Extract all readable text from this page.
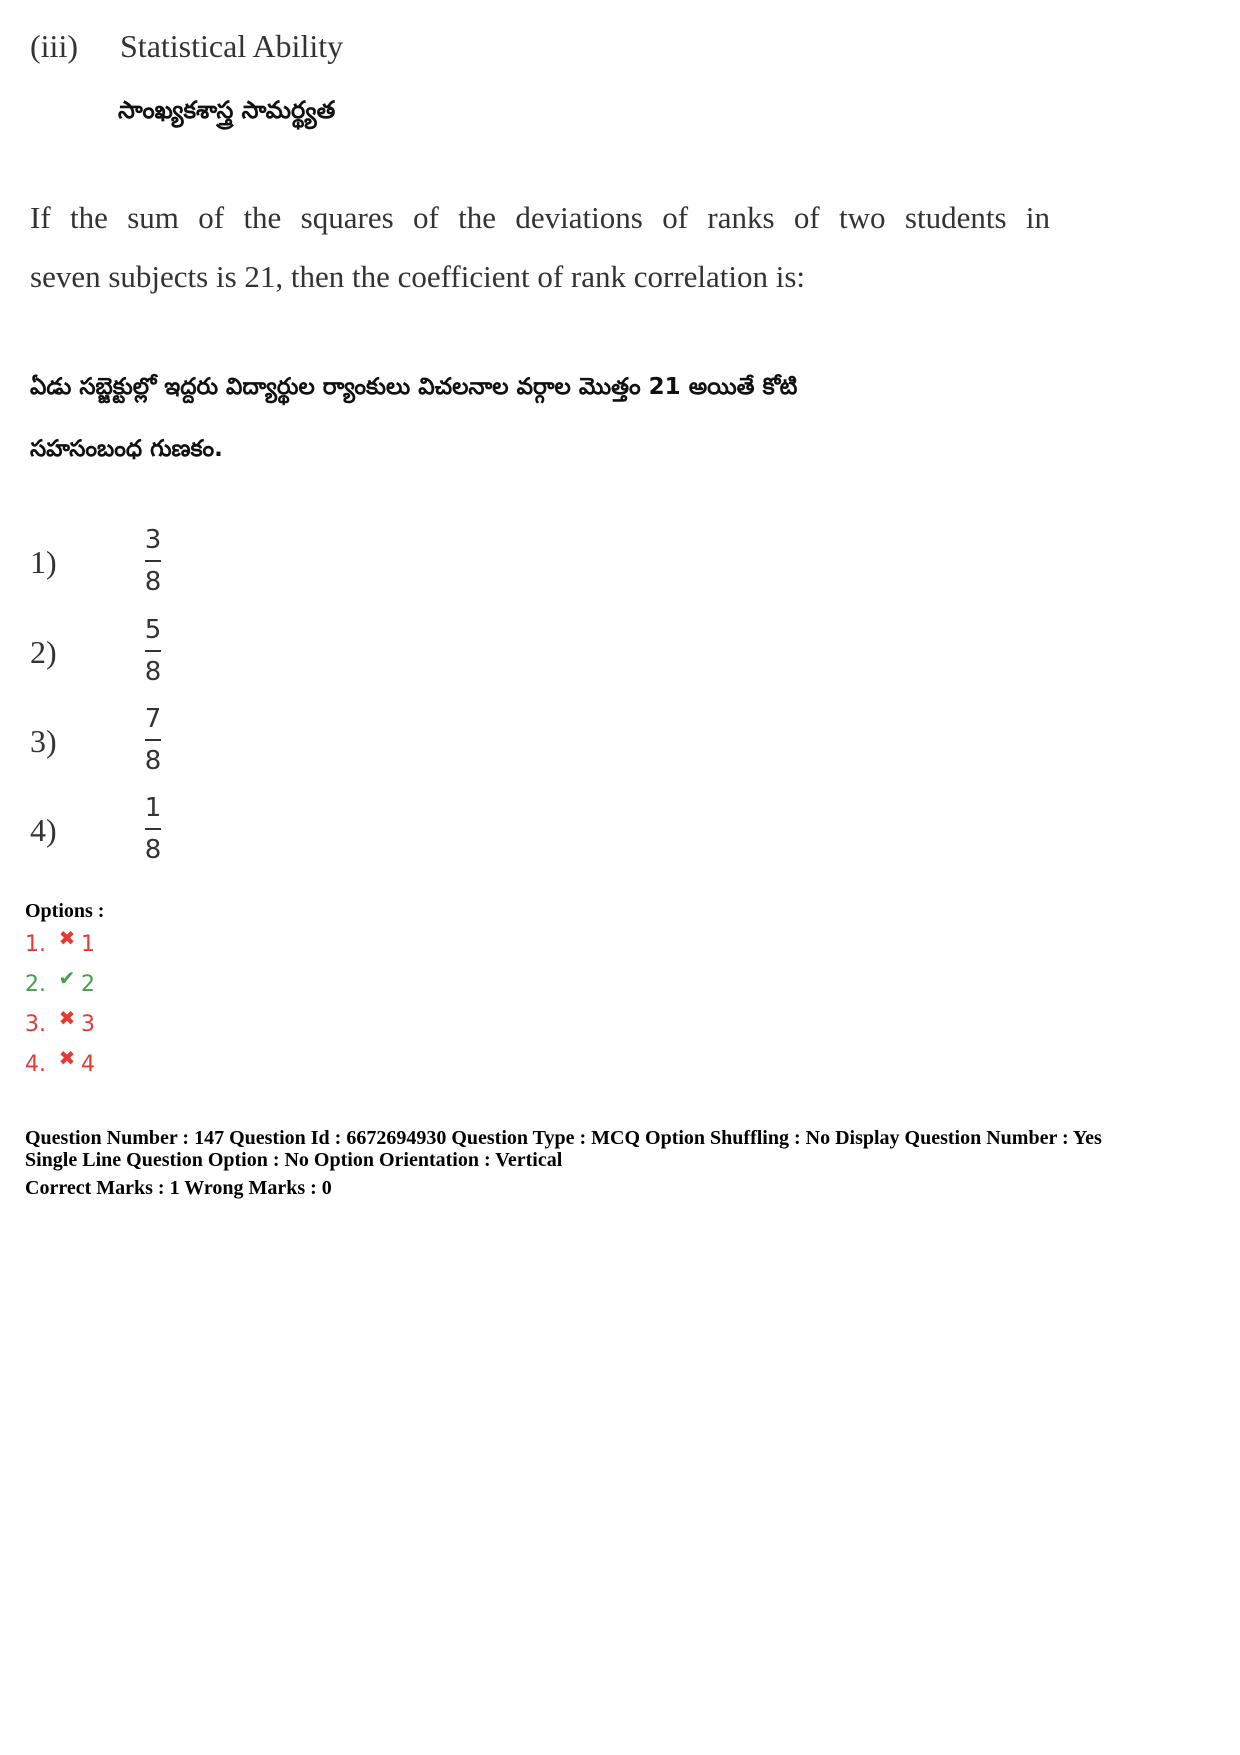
(iii) Statistical Ability
సాంఖ్యకశాస్త్ర సామర్థ్యత
If the sum of the squares of the deviations of ranks of two students in
seven subjects is 21, then the coefficient of rank correlation is:
ఏడు సబ్జెక్టుల్లో ఇద్దరు విద్యార్థుల ర్యాంకులు విచలనాల వర్గాల మొత్తం 21 అయితే కోటి
సహసంబంధ గుణకం.
1)
3
8
2)
5
8
3)
7
8
4)
1
8
Options :
1. ✖ 1
2. ✔ 2
3. ✖ 3
4. ✖ 4
Question Number : 147 Question Id : 6672694930 Question Type : MCQ Option Shuffling : No Display Question Number : Yes
Single Line Question Option : No Option Orientation : Vertical
Correct Marks : 1 Wrong Marks : 0
